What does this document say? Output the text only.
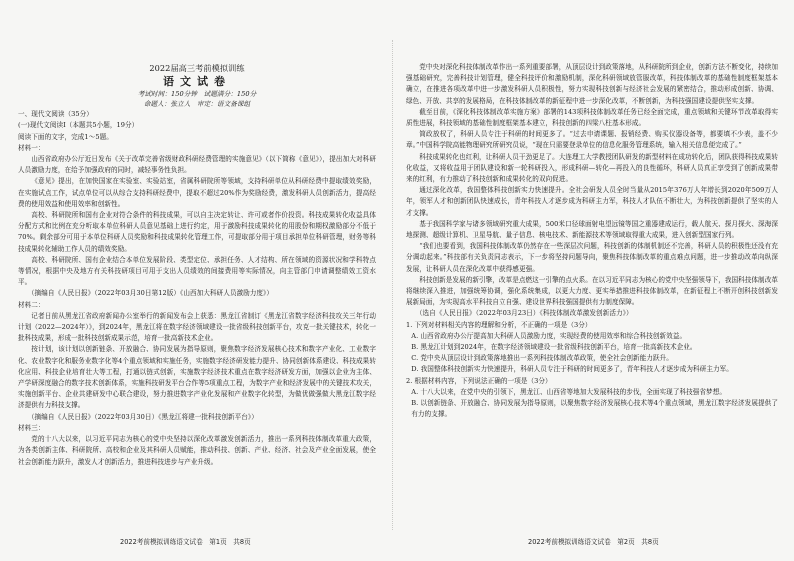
2022届高三考前模拟训练
语文试卷
考试时间：150分钟　试题满分：150分
命题人：张立人　审定：语文备课组

一、现代文阅读（35分）

(一)现代文阅读Ⅰ（本题共5小题，19分）

阅读下面的文字，完成1～5题。

材料一：

山西省政府办公厅近日发布《关于改革完善省级财政科研经费管理的实施意见》（以下简称《意见》），提出加大对科研人员激励力度，在给予加强政府的同时，减轻事务性负担。

《意见》提出，在加快国家在实验室、实验站室，省属科研院所等领域，支持科研单位从科研经费中提取绩效奖励，在实施试点工作，试点单位可以从综合支持科研经费中，提取不超过20%作为奖励经费，激发科研人员创新活力，提高经费的使用效益和使用效率和创新性。

高校、科研院所和国有企业对符合条件的科技成果，可以自主决定转让、许可或者作价投资。科技成果转化收益具体分配方式和比例在充分听取本单位科研人员意见基础上进行约定，用于激励科技成果转化的用股份和期权激励部分不低于70%。剩余部分可用于本单位科研人员奖励和科技成果转化管理工作，可提取部分用于项目承担单位科研管理，财务等科技成果转化辅助工作人员的绩效奖励。

高校、科研院所、国有企业结合本单位发展阶段、类型定位、承担任务、人才结构、所在领域的资源状况和学科特点等情况，根据中央及地方有关科技研项目可用于支出人员绩效的间接费用等实际情况，向主管部门申请调整绩效工资水平。

（摘编自《人民日报》（2022年03月30日第12版）《山西加大科研人员激励力度》）

材料二：

记者日前从黑龙江省政府新闻办公室举行的新闻发布会上获悉：黑龙江省制订《黑龙江省数字经济科技攻关三年行动计划（2022—2024年）》，到2024年，黑龙江将在数字经济领域建设一批省级科技创新平台，攻克一批关键技术，转化一批科技成果，形成一批科技创新成果示范，培育一批高新技术企业。

按计划，该计划以创新链条、开放融合、协同发展为指导原则，聚焦数字经济发展核心技术和数字产业化、工业数字化、农业数字化和服务业数字化等4个重点领域和实施任务，实施数字经济研发能力提升、协同创新体系建设、科技成果转化应用、科技企业培育壮大等工程，打通以链式创新，实施数字经济技术重点在数字经济研发方面，加强以企业为主体、产学研深度融合的数字技术创新体系，实施科技研发平台合作等5项重点工程，为数字产业和经济发展中的关键技术攻关，实施创新平台、企业共建研发中心联合建设，努力推进数字产业化发展和产业数字化转型，为做优做强做大黑龙江数字经济提供有力科技支撑。

（摘编自《人民日报》（2022年03月30日）《黑龙江将建一批科技创新平台》）

材料三：

党的十八大以来，以习近平同志为核心的党中央坚持以深化改革激发创新活力，推出一系列科技体制改革重大政策，为各类创新主体、科研院所、高校和企业及其科研人员赋能，推动科技、创新、产业、经济、社会及产业全面发展，使全社会创新能力跃升，激发人才创新活力，推进科技进步与产业升级。

党中央对深化科技体制改革作出一系列重要部署，从顶层设计到政策落地，从科研院所到企业，创新方法不断变化，持续加强基础研究，完善科技计划管理，健全科技评价和激励机制，深化科研领域放管服改革，科技体制改革的基础性制度框架基本确立，在推进各项改革中进一步激发科研人员积极性，努力实现科技创新与经济社会发展的紧密结合，推动形成创新、协调、绿色、开放、共享的发展格局，在科技体制改革的新征程中进一步深化改革，不断创新，为科技强国建设提供坚实支撑。

截至目前，《深化科技体制改革实施方案》部署的143项科技体制改革任务已经全面完成，重点领域和关键环节改革取得实质性进展，科技领域的基础性制度框架基本建立，科技创新的四梁八柱基本形成。

简政放权了，科研人员专注于科研的时间更多了。“过去申请课题、报销经费、购买仪器设备等，都要填不少表，盖不少章。”中国科学院高能物理研究所研究员说，“现在只需要登录单位的信息化服务管理系统，输入相关信息便完成了。”

科技成果转化也红利，让科研人员干劲更足了。大连理工大学教授团队研发的新型材料在成功转化后，团队获得科技成果转化收益，又将收益用于团队建设和新一轮科研投入，形成科研—转化—再投入的良性循环，科研人员真正享受到了创新成果带来的红利，有力推动了科技创新和成果转化的双向促进。

通过深化改革，我国整体科技创新实力快速提升。全社会研发人员全时当量从2015年376万人年增长到2020年509万人年，领军人才和创新团队快速成长，青年科技人才逐步成为科研主力军，科技人才队伍不断壮大，为科技创新提供了坚实的人才支撑。

基于我国科学家与诸多领域研究重大成果，500米口径球面射电望远镜等国之重器建成运行，载人航天、探月探火、深海深地探测、超级计算机、卫星导航、量子信息、核电技术、新能源技术等领域取得重大成果，进入创新型国家行列。

“我们也要看到，我国科技体制改革仍然存在一些深层次问题，科技创新的体制机制还不完善，科研人员的积极性还没有充分调动起来。”科技部有关负责同志表示，下一步将坚持问题导向，聚焦科技体制改革的重点难点问题，进一步推动改革向纵深发展，让科研人员在深化改革中获得感更强。

科技创新是发展的新引擎，改革是点燃这一引擎的点火系。在以习近平同志为核心的党中央坚强领导下，我国科技体制改革将继续深入推进，加强统筹协调，强化系统集成，以更大力度、更实举措推进科技体制改革，在新征程上不断开创科技创新发展新局面，为实现高水平科技自立自强、建设世界科技强国提供有力制度保障。

（选自《人民日报》（2022年03月23日）《科技体制改革激发创新活力》）

1. 下列对材料相关内容的理解和分析，不正确的一项是（3分）

A. 山西省政府办公厅提高加大科研人员激励力度，实现经费的使用效率和综合科技创新效益。

B. 黑龙江计划到2024年，在数字经济领域建设一批省级科技创新平台，培育一批高新技术企业。

C. 党中央从顶层设计到政策落地推出一系列科技体制改革政策，使全社会创新能力跃升。

D. 我国整体科技创新实力快速提升，科研人员专注于科研的时间更多了，青年科技人才逐步成为科研主力军。

2. 根据材料内容，下列说法正确的一项是（3分）

A. 十八大以来，在党中央的引领下，黑龙江、山西省等地加大发展科技的步伐，全面实现了科技强省梦想。

B. 以创新链条、开放融合、协同发展为指导原则，以聚焦数字经济发展核心技术等4个重点领域，黑龙江数字经济发展提供了有力的支撑。

2022考前模拟训练语文试卷　第1页　共8页	2022考前模拟训练语文试卷　第2页　共8页
